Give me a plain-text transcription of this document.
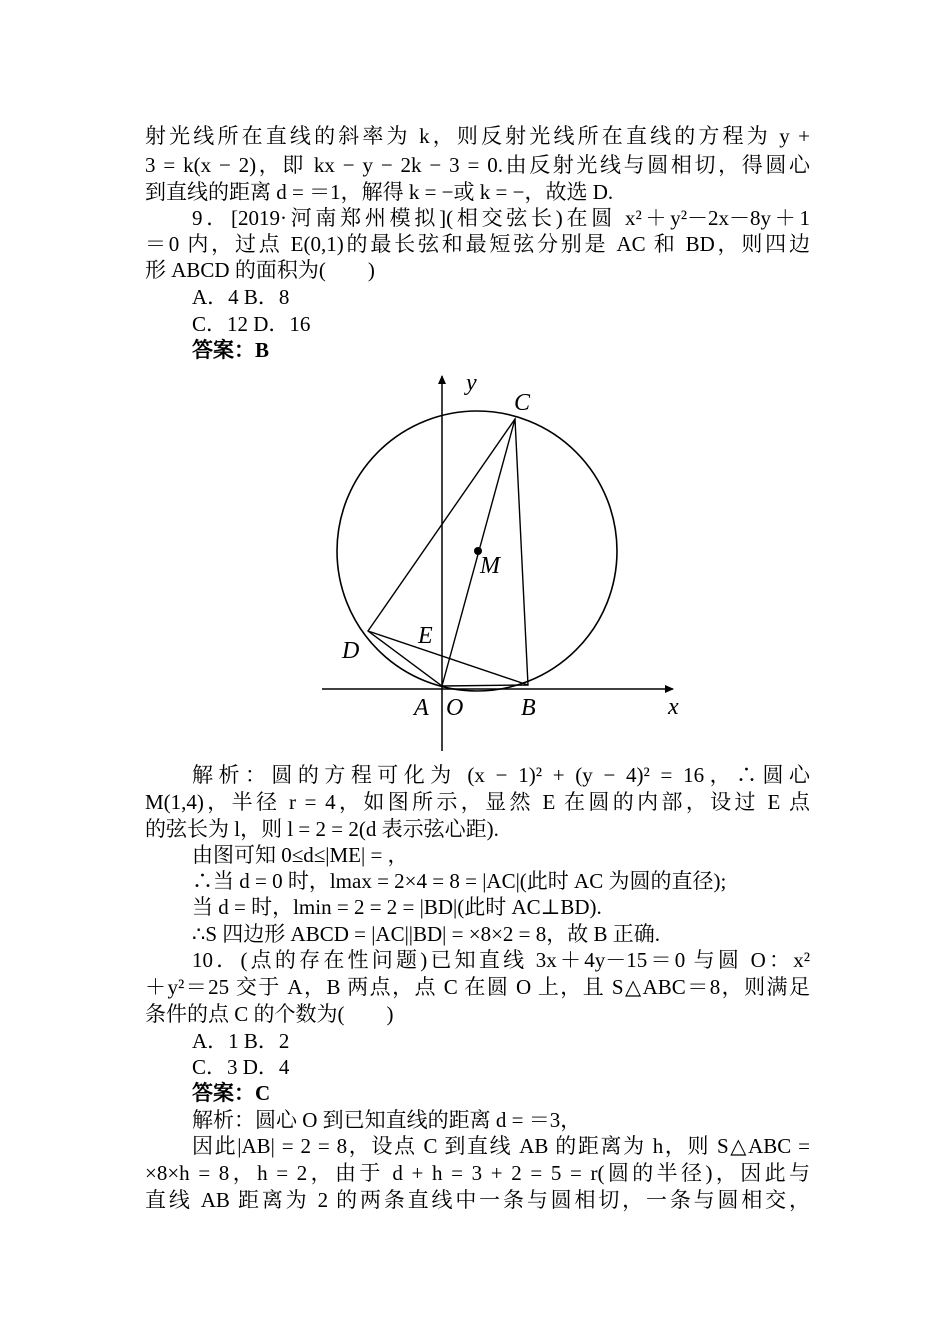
射光线所在直线的斜率为 k，则反射光线所在直线的方程为 y +
3 = k(x − 2)，即 kx − y − 2k − 3 = 0.由反射光线与圆相切，得圆心
到直线的距离 d = ＝1，解得 k = −或 k = −，故选 D.
9．[2019·河南郑州模拟](相交弦长)在圆 x²＋y²－2x－8y＋1
＝0 内，过点 E(0,1)的最长弦和最短弦分别是 AC 和 BD，则四边
形 ABCD 的面积为(　　)
A．4 B．8
C．12 D．16
答案：B
y
x
C
M
E
D
A O B
解析：圆的方程可化为 (x − 1)² + (y − 4)² = 16，∴圆心
M(1,4)，半径 r = 4，如图所示，显然 E 在圆的内部，设过 E 点
的弦长为 l，则 l = 2 = 2(d 表示弦心距).
由图可知 0≤d≤|ME| = ，
∴当 d = 0 时，lmax = 2×4 = 8 = |AC|(此时 AC 为圆的直径);
当 d = 时，lmin = 2 = 2 = |BD|(此时 AC⊥BD).
∴S 四边形 ABCD = |AC||BD| = ×8×2 = 8，故 B 正确.
10．(点的存在性问题)已知直线 3x＋4y－15＝0 与圆 O：x²
＋y²＝25 交于 A，B 两点，点 C 在圆 O 上，且 S△ABC＝8，则满足
条件的点 C 的个数为(　　)
A．1 B．2
C．3 D．4
答案：C
解析：圆心 O 到已知直线的距离 d = ＝3，
因此|AB| = 2 = 8，设点 C 到直线 AB 的距离为 h，则 S△ABC =
×8×h = 8，h = 2，由于 d + h = 3 + 2 = 5 = r(圆的半径)，因此与
直线 AB 距离为 2 的两条直线中一条与圆相切，一条与圆相交，
